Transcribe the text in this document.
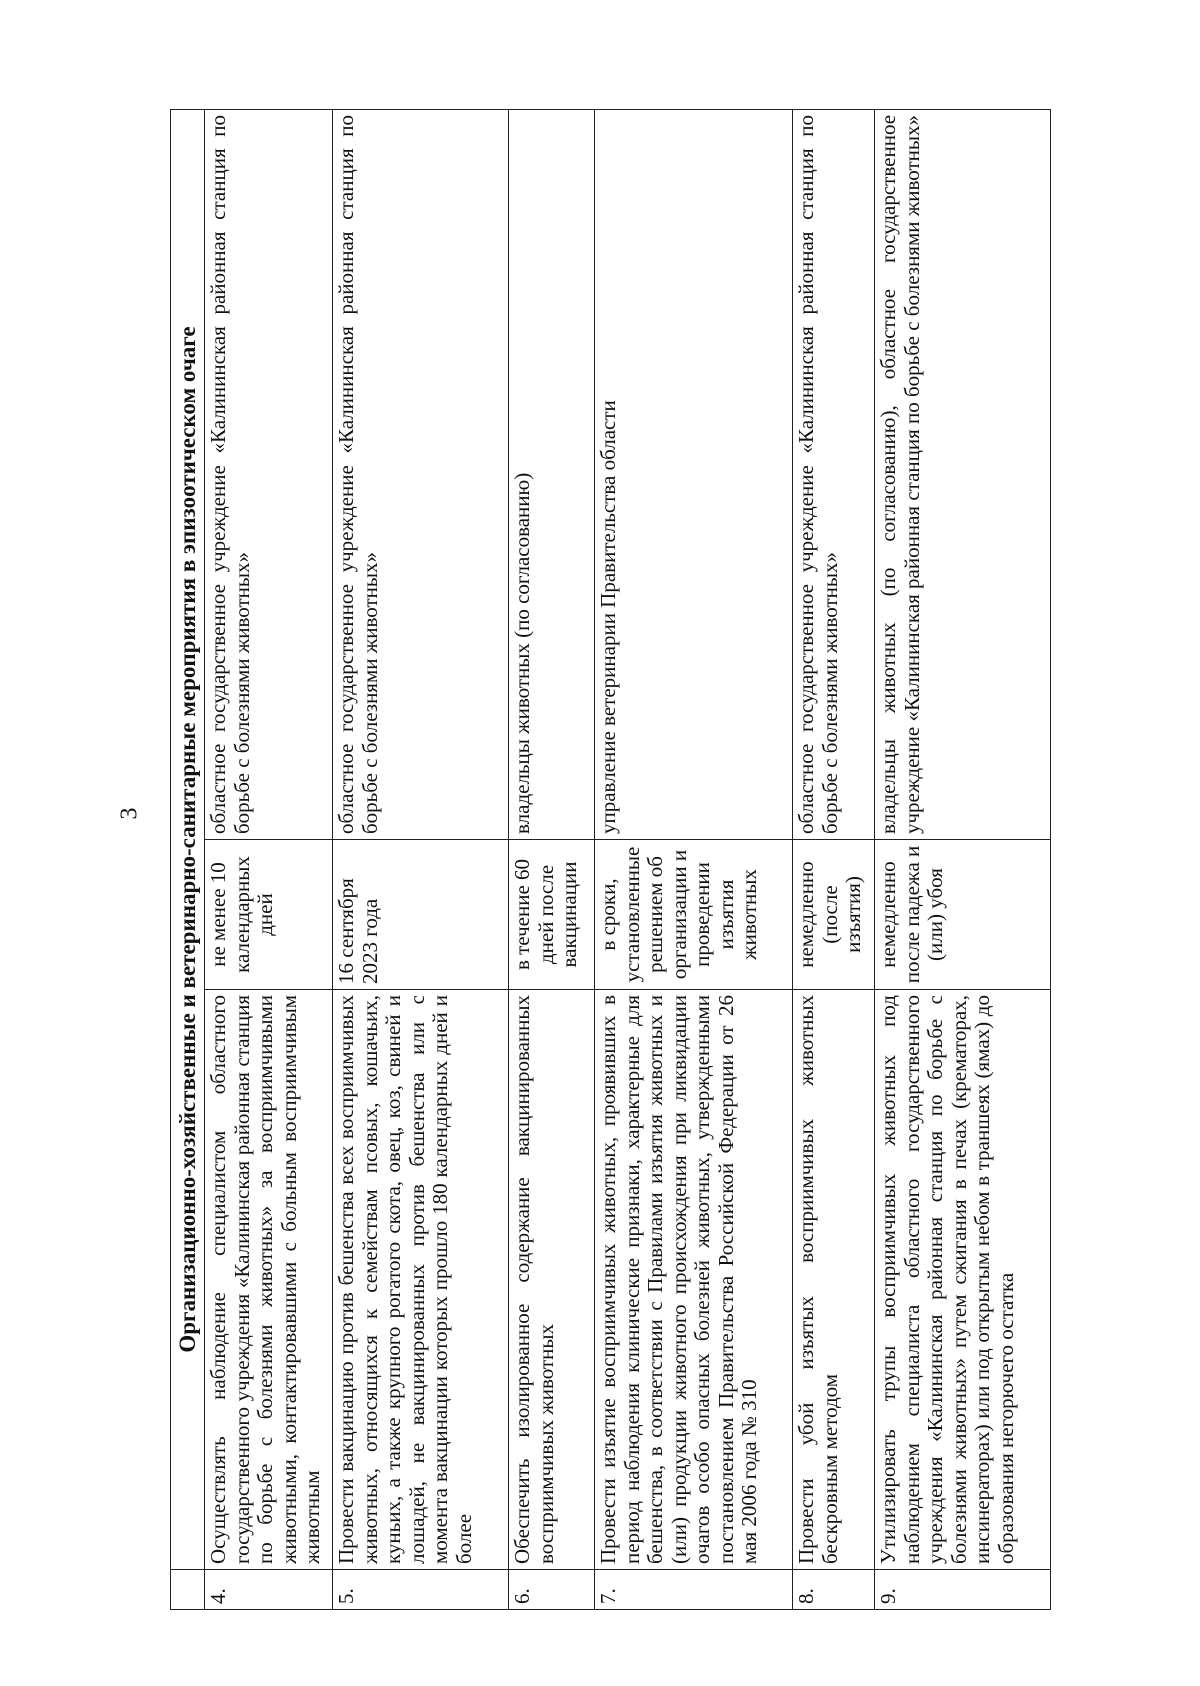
3
	Организационно-хозяйственные и ветеринарно-санитарные мероприятия в эпизоотическом очаге		
4.	Осуществлять наблюдение специалистом областного государственного учреждения «Калининская районная станция по борьбе с болезнями животных» за восприимчивыми животными, контактировавшими с больным восприимчивым животным	не менее 10 календарных дней	областное государственное учреждение «Калининская районная станция по борьбе с болезнями животных»
5.	Провести вакцинацию против бешенства всех восприимчивых животных, относящихся к семействам псовых, кошачьих, куньих, а также крупного рогатого скота, овец, коз, свиней и лошадей, не вакцинированных против бешенства или с момента вакцинации которых прошло 180 календарных дней и более	16 сентября 2023 года	областное государственное учреждение «Калининская районная станция по борьбе с болезнями животных»
6.	Обеспечить изолированное содержание вакцинированных восприимчивых животных	в течение 60 дней после вакцинации	владельцы животных (по согласованию)
7.	Провести изъятие восприимчивых животных, проявивших в период наблюдения клинические признаки, характерные для бешенства, в соответствии с Правилами изъятия животных и (или) продукции животного происхождения при ликвидации очагов особо опасных болезней животных, утвержденными постановлением Правительства Российской Федерации от 26 мая 2006 года № 310	в сроки, установленные решением об организации и проведении изъятия животных	управление ветеринарии Правительства области
8.	Провести убой изъятых восприимчивых животных бескровным методом	немедленно (после изъятия)	областное государственное учреждение «Калининская районная станция по борьбе с болезнями животных»
9.	Утилизировать трупы восприимчивых животных под наблюдением специалиста областного государственного учреждения «Калининская районная станция по борьбе с болезнями животных» путем сжигания в печах (крематорах, инсинераторах) или под открытым небом в траншеях (ямах) до образования негорючего остатка	немедленно после падежа и (или) убоя	владельцы животных (по согласованию), областное государственное учреждение «Калининская районная станция по борьбе с болезнями животных»
